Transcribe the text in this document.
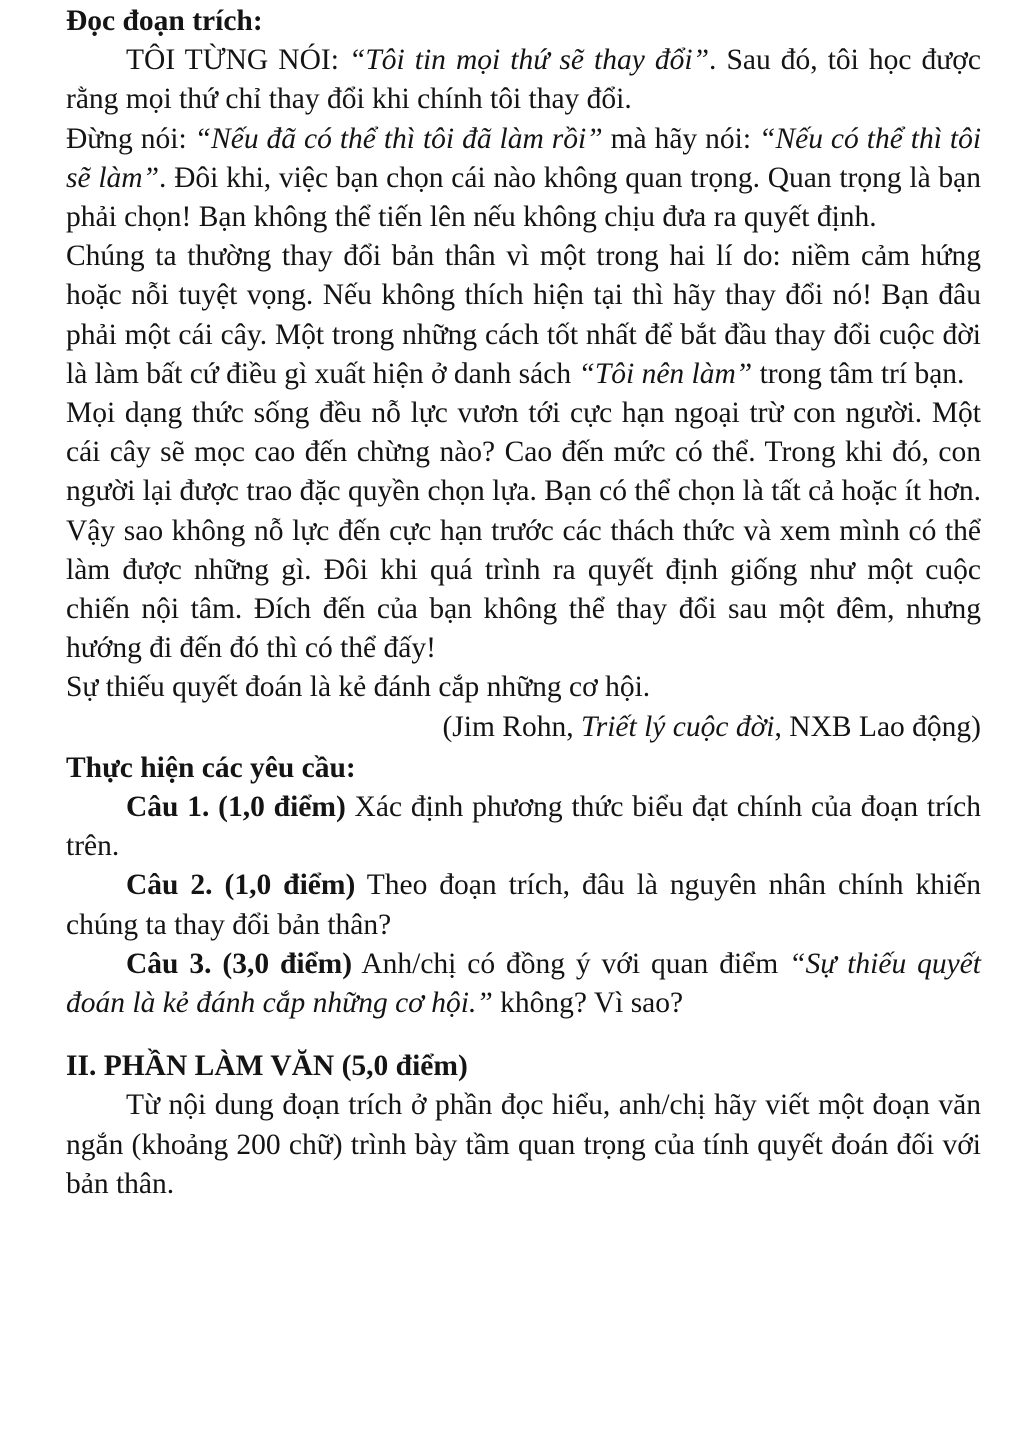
Đọc đoạn trích:

TÔI TỪNG NÓI: “Tôi tin mọi thứ sẽ thay đổi”. Sau đó, tôi học được rằng mọi thứ chỉ thay đổi khi chính tôi thay đổi.

Đừng nói: “Nếu đã có thể thì tôi đã làm rồi” mà hãy nói: “Nếu có thể thì tôi sẽ làm”. Đôi khi, việc bạn chọn cái nào không quan trọng. Quan trọng là bạn phải chọn! Bạn không thể tiến lên nếu không chịu đưa ra quyết định.

Chúng ta thường thay đổi bản thân vì một trong hai lí do: niềm cảm hứng hoặc nỗi tuyệt vọng. Nếu không thích hiện tại thì hãy thay đổi nó! Bạn đâu phải một cái cây. Một trong những cách tốt nhất để bắt đầu thay đổi cuộc đời là làm bất cứ điều gì xuất hiện ở danh sách “Tôi nên làm” trong tâm trí bạn.

Mọi dạng thức sống đều nỗ lực vươn tới cực hạn ngoại trừ con người. Một cái cây sẽ mọc cao đến chừng nào? Cao đến mức có thể. Trong khi đó, con người lại được trao đặc quyền chọn lựa. Bạn có thể chọn là tất cả hoặc ít hơn. Vậy sao không nỗ lực đến cực hạn trước các thách thức và xem mình có thể làm được những gì. Đôi khi quá trình ra quyết định giống như một cuộc chiến nội tâm. Đích đến của bạn không thể thay đổi sau một đêm, nhưng hướng đi đến đó thì có thể đấy!

Sự thiếu quyết đoán là kẻ đánh cắp những cơ hội.

(Jim Rohn, Triết lý cuộc đời, NXB Lao động)

Thực hiện các yêu cầu:

Câu 1. (1,0 điểm) Xác định phương thức biểu đạt chính của đoạn trích trên.

Câu 2. (1,0 điểm) Theo đoạn trích, đâu là nguyên nhân chính khiến chúng ta thay đổi bản thân?

Câu 3. (3,0 điểm) Anh/chị có đồng ý với quan điểm “Sự thiếu quyết đoán là kẻ đánh cắp những cơ hội.” không? Vì sao?

II. PHẦN LÀM VĂN (5,0 điểm)

Từ nội dung đoạn trích ở phần đọc hiểu, anh/chị hãy viết một đoạn văn ngắn (khoảng 200 chữ) trình bày tầm quan trọng của tính quyết đoán đối với bản thân.
